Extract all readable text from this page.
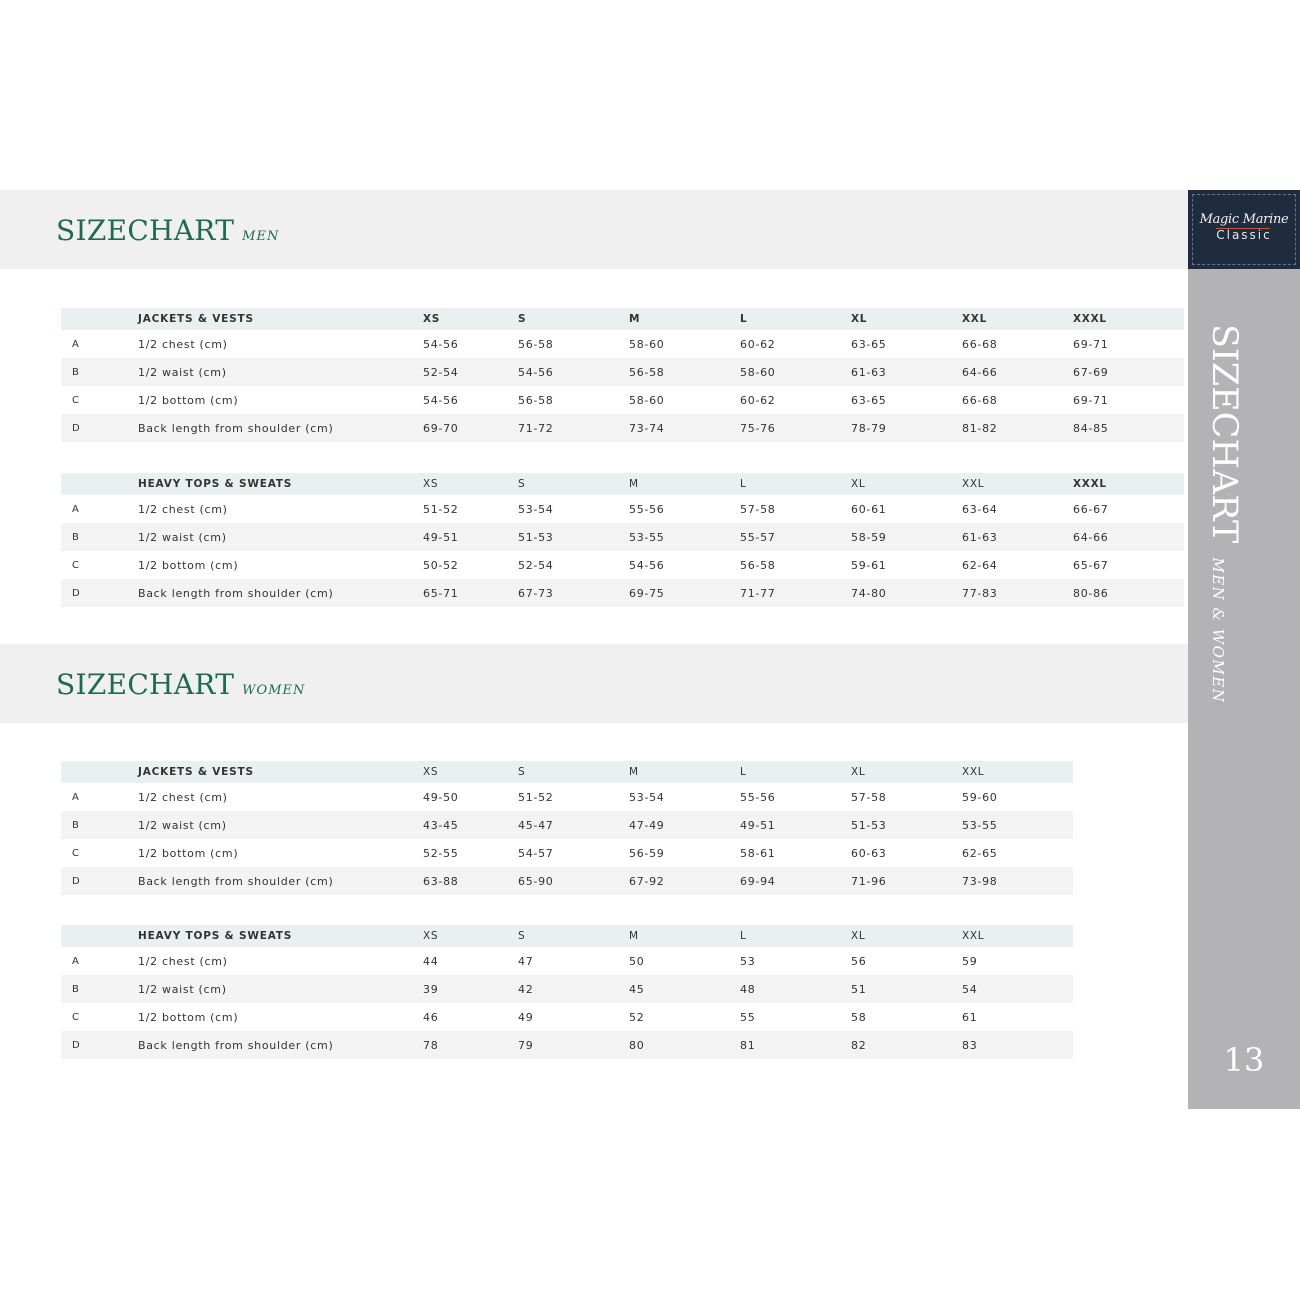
SIZECHART MEN
	JACKETS & VESTS	XS	S	M	L	XL	XXL	XXXL
A	1/2 chest (cm)	54-56	56-58	58-60	60-62	63-65	66-68	69-71
B	1/2 waist (cm)	52-54	54-56	56-58	58-60	61-63	64-66	67-69
C	1/2 bottom (cm)	54-56	56-58	58-60	60-62	63-65	66-68	69-71
D	Back length from shoulder (cm)	69-70	71-72	73-74	75-76	78-79	81-82	84-85
	HEAVY TOPS & SWEATS	XS	S	M	L	XL	XXL	XXXL
A	1/2 chest (cm)	51-52	53-54	55-56	57-58	60-61	63-64	66-67
B	1/2 waist (cm)	49-51	51-53	53-55	55-57	58-59	61-63	64-66
C	1/2 bottom (cm)	50-52	52-54	54-56	56-58	59-61	62-64	65-67
D	Back length from shoulder (cm)	65-71	67-73	69-75	71-77	74-80	77-83	80-86
SIZECHART WOMEN
	JACKETS & VESTS	XS	S	M	L	XL	XXL
A	1/2 chest (cm)	49-50	51-52	53-54	55-56	57-58	59-60
B	1/2 waist (cm)	43-45	45-47	47-49	49-51	51-53	53-55
C	1/2 bottom (cm)	52-55	54-57	56-59	58-61	60-63	62-65
D	Back length from shoulder (cm)	63-88	65-90	67-92	69-94	71-96	73-98
	HEAVY TOPS & SWEATS	XS	S	M	L	XL	XXL
A	1/2 chest (cm)	44	47	50	53	56	59
B	1/2 waist (cm)	39	42	45	48	51	54
C	1/2 bottom (cm)	46	49	52	55	58	61
D	Back length from shoulder (cm)	78	79	80	81	82	83
Magic Marine
Classic
SIZECHARTMEN & WOMEN
13
